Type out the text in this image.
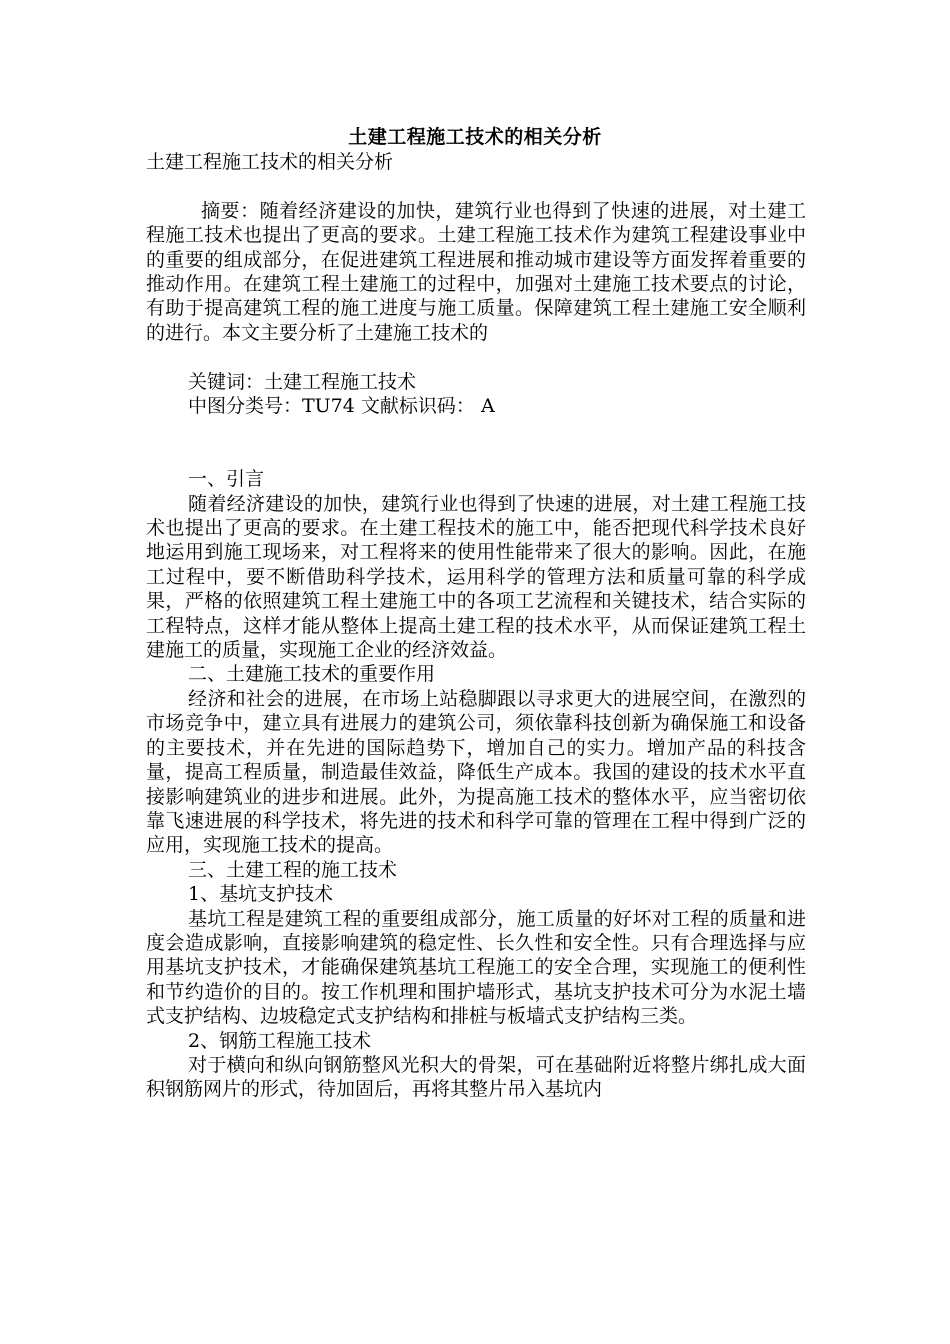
土建工程施工技术的相关分析

土建工程施工技术的相关分析

摘要：随着经济建设的加快，建筑行业也得到了快速的进展，对土建工程施工技术也提出了更高的要求。土建工程施工技术作为建筑工程建设事业中的重要的组成部分，在促进建筑工程进展和推动城市建设等方面发挥着重要的推动作用。在建筑工程土建施工的过程中，加强对土建施工技术要点的讨论，有助于提高建筑工程的施工进度与施工质量。保障建筑工程土建施工安全顺利的进行。本文主要分析了土建施工技术的

关键词：土建工程施工技术

中图分类号：TU74 文献标识码： A

一、引言

随着经济建设的加快，建筑行业也得到了快速的进展，对土建工程施工技术也提出了更高的要求。在土建工程技术的施工中，能否把现代科学技术良好地运用到施工现场来，对工程将来的使用性能带来了很大的影响。因此，在施工过程中，要不断借助科学技术，运用科学的管理方法和质量可靠的科学成果，严格的依照建筑工程土建施工中的各项工艺流程和关键技术，结合实际的工程特点，这样才能从整体上提高土建工程的技术水平，从而保证建筑工程土建施工的质量，实现施工企业的经济效益。

二、土建施工技术的重要作用

经济和社会的进展，在市场上站稳脚跟以寻求更大的进展空间，在激烈的市场竞争中，建立具有进展力的建筑公司，须依靠科技创新为确保施工和设备的主要技术，并在先进的国际趋势下，增加自己的实力。增加产品的科技含量，提高工程质量，制造最佳效益，降低生产成本。我国的建设的技术水平直接影响建筑业的进步和进展。此外，为提高施工技术的整体水平，应当密切依靠飞速进展的科学技术，将先进的技术和科学可靠的管理在工程中得到广泛的应用，实现施工技术的提高。

三、土建工程的施工技术

1、基坑支护技术

基坑工程是建筑工程的重要组成部分，施工质量的好坏对工程的质量和进度会造成影响，直接影响建筑的稳定性、长久性和安全性。只有合理选择与应用基坑支护技术，才能确保建筑基坑工程施工的安全合理，实现施工的便利性和节约造价的目的。按工作机理和围护墙形式，基坑支护技术可分为水泥土墙式支护结构、边坡稳定式支护结构和排桩与板墙式支护结构三类。

2、钢筋工程施工技术

对于横向和纵向钢筋整风光积大的骨架，可在基础附近将整片绑扎成大面积钢筋网片的形式，待加固后，再将其整片吊入基坑内
